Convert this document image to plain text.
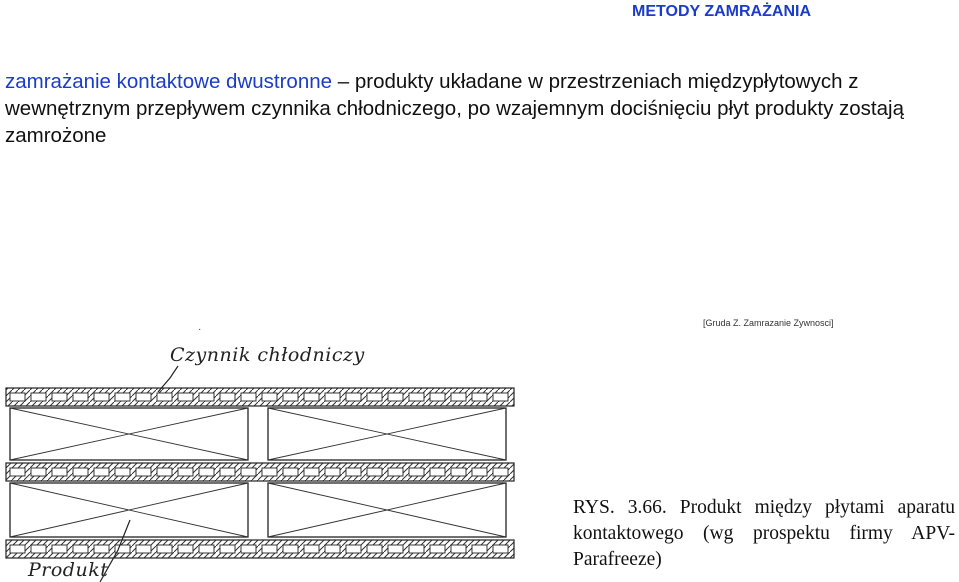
METODY ZAMRAŻANIA
zamrażanie kontaktowe dwustronne – produkty układane w przestrzeniach międzypłytowych z wewnętrznym przepływem czynnika chłodniczego, po wzajemnym dociśnięciu płyt produkty zostają zamrożone
·
Czynnik chłodniczy
Produkt
[Gruda Z. Zamrazanie Zywnosci]
RYS. 3.66. Produkt między płytami aparatu kontaktowego (wg prospektu firmy APV-Parafreeze)
